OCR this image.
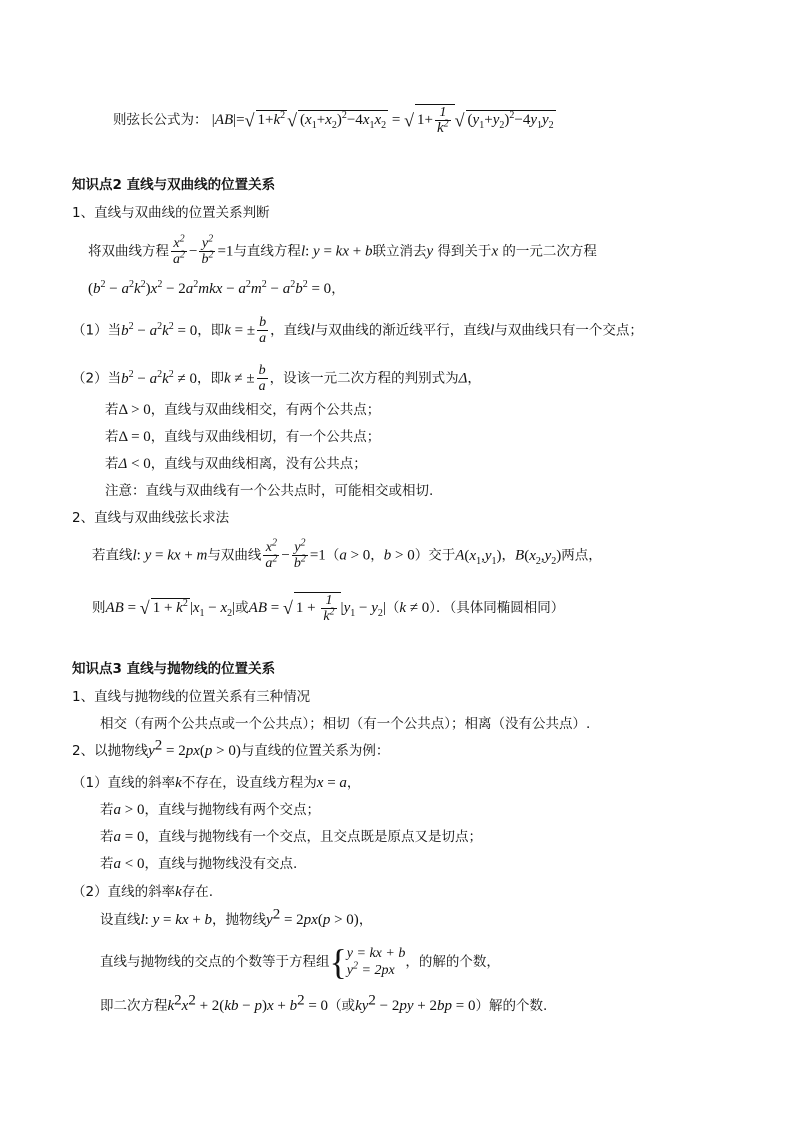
则弦长公式为： |AB|=√ $1+k^2$ √ $(x_1+x_2)^2-4x_1x_2$ = √ $1+ \frac{1}{k^2}$ √ $(y_1+y_2)^2-4y_1y_2$
知识点2 直线与双曲线的位置关系
1、直线与双曲线的位置关系判断
将双曲线方程 $\frac{x^2}{a^2} - \frac{y^2}{b^2} =1$与直线方程l: y = kx + b联立消去y 得到关于x 的一元二次方程
$(b^2 - a^2k^2)x^2 - 2a^2mkx - a^2m^2 - a^2b^2 = 0$，
（1）当$b^2 - a^2k^2 = 0$，即k = ± $\frac{b}{a}$ ，直线l与双曲线的渐近线平行，直线l与双曲线只有一个交点；
（2）当$b^2 - a^2k^2 \ne 0$，即k ≠ ± $\frac{b}{a}$ ，设该一元二次方程的判别式为Δ，
若Δ > 0，直线与双曲线相交，有两个公共点；
若Δ = 0，直线与双曲线相切，有一个公共点；
若Δ < 0，直线与双曲线相离，没有公共点；
注意：直线与双曲线有一个公共点时，可能相交或相切.
2、直线与双曲线弦长求法
若直线l: y = kx + m与双曲线 $\frac{x^2}{a^2} - \frac{y^2}{b^2} =1(a > 0$，b > 0）交于$A(x_1,y_1)$，$B(x_2,y_2)$两点，
则AB = √ $1 + k^2$ $|x_1 - x_2|$或AB = √ $1 + \frac{1}{k^2} |y_1 - y_2|(k \ne 0)$．（具体同椭圆相同）
知识点3 直线与抛物线的位置关系
1、直线与抛物线的位置关系有三种情况
相交（有两个公共点或一个公共点）；相切（有一个公共点）；相离（没有公共点）.
2、以抛物线$y^2 = 2px(p > 0)$与直线的位置关系为例：
（1）直线的斜率k不存在，设直线方程为x = a，
若a > 0，直线与抛物线有两个交点；
若a = 0，直线与抛物线有一个交点，且交点既是原点又是切点；
若a < 0，直线与抛物线没有交点.
（2）直线的斜率k存在.
设直线l: y = kx + b，抛物线$y^2 = 2px(p > 0)$，
直线与抛物线的交点的个数等于方程组{ y = kx + b
$y^2 = 2px$
，的解的个数，
即二次方程$k^2x^2 + 2(kb - p)x + b^2 = 0$（或$ky^2 - 2py + 2bp = 0$）解的个数.
